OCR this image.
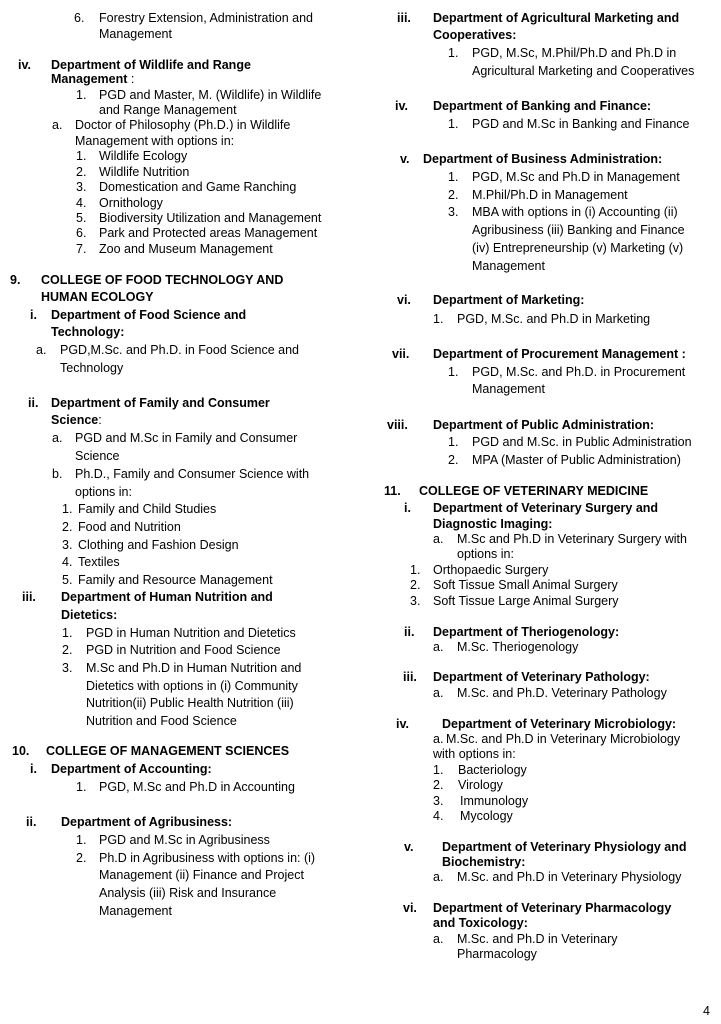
6. Forestry Extension, Administration and
Management
iv. Department of Wildlife and Range
Management :
1. PGD and Master, M. (Wildlife) in Wildlife
and Range Management
a. Doctor of Philosophy (Ph.D.) in Wildlife
Management with options in:
1. Wildlife Ecology
2. Wildlife Nutrition
3. Domestication and Game Ranching
4. Ornithology
5. Biodiversity Utilization and Management
6. Park and Protected areas Management
7. Zoo and Museum Management
9. COLLEGE OF FOOD TECHNOLOGY AND
HUMAN ECOLOGY
i. Department of Food Science and
Technology:
a. PGD,M.Sc. and Ph.D. in Food Science and
Technology
ii. Department of Family and Consumer
Science:
a. PGD and M.Sc in Family and Consumer
Science
b. Ph.D., Family and Consumer Science with
options in:
1. Family and Child Studies
2. Food and Nutrition
3. Clothing and Fashion Design
4. Textiles
5. Family and Resource Management
iii. Department of Human Nutrition and
Dietetics:
1. PGD in Human Nutrition and Dietetics
2. PGD in Nutrition and Food Science
3. M.Sc and Ph.D in Human Nutrition and
Dietetics with options in (i) Community
Nutrition(ii) Public Health Nutrition (iii)
Nutrition and Food Science
10. COLLEGE OF MANAGEMENT SCIENCES
i. Department of Accounting:
1. PGD, M.Sc and Ph.D in Accounting
ii. Department of Agribusiness:
1. PGD and M.Sc in Agribusiness
2. Ph.D in Agribusiness with options in: (i)
Management (ii) Finance and Project
Analysis (iii) Risk and Insurance
Management
iii. Department of Agricultural Marketing and
Cooperatives:
1. PGD, M.Sc, M.Phil/Ph.D and Ph.D in
Agricultural Marketing and Cooperatives
iv. Department of Banking and Finance:
1. PGD and M.Sc in Banking and Finance
v. Department of Business Administration:
1. PGD, M.Sc and Ph.D in Management
2. M.Phil/Ph.D in Management
3. MBA with options in (i) Accounting (ii)
Agribusiness (iii) Banking and Finance
(iv) Entrepreneurship (v) Marketing (v)
Management
vi. Department of Marketing:
1. PGD, M.Sc. and Ph.D in Marketing
vii. Department of Procurement Management :
1. PGD, M.Sc. and Ph.D. in Procurement
Management
viii. Department of Public Administration:
1. PGD and M.Sc. in Public Administration
2. MPA (Master of Public Administration)
11. COLLEGE OF VETERINARY MEDICINE
i. Department of Veterinary Surgery and
Diagnostic Imaging:
a. M.Sc and Ph.D in Veterinary Surgery with
options in:
1. Orthopaedic Surgery
2. Soft Tissue Small Animal Surgery
3. Soft Tissue Large Animal Surgery
ii. Department of Theriogenology:
a. M.Sc. Theriogenology
iii. Department of Veterinary Pathology:
a. M.Sc. and Ph.D. Veterinary Pathology
iv.	Department of Veterinary Microbiology:
a. M.Sc. and Ph.D in Veterinary Microbiology
with options in:
1. Bacteriology
2. Virology
3. Immunology
4. Mycology
v. Department of Veterinary Physiology and
Biochemistry:
a. M.Sc. and Ph.D in Veterinary Physiology
vi. Department of Veterinary Pharmacology
and Toxicology:
a. M.Sc. and Ph.D in Veterinary
Pharmacology
4
